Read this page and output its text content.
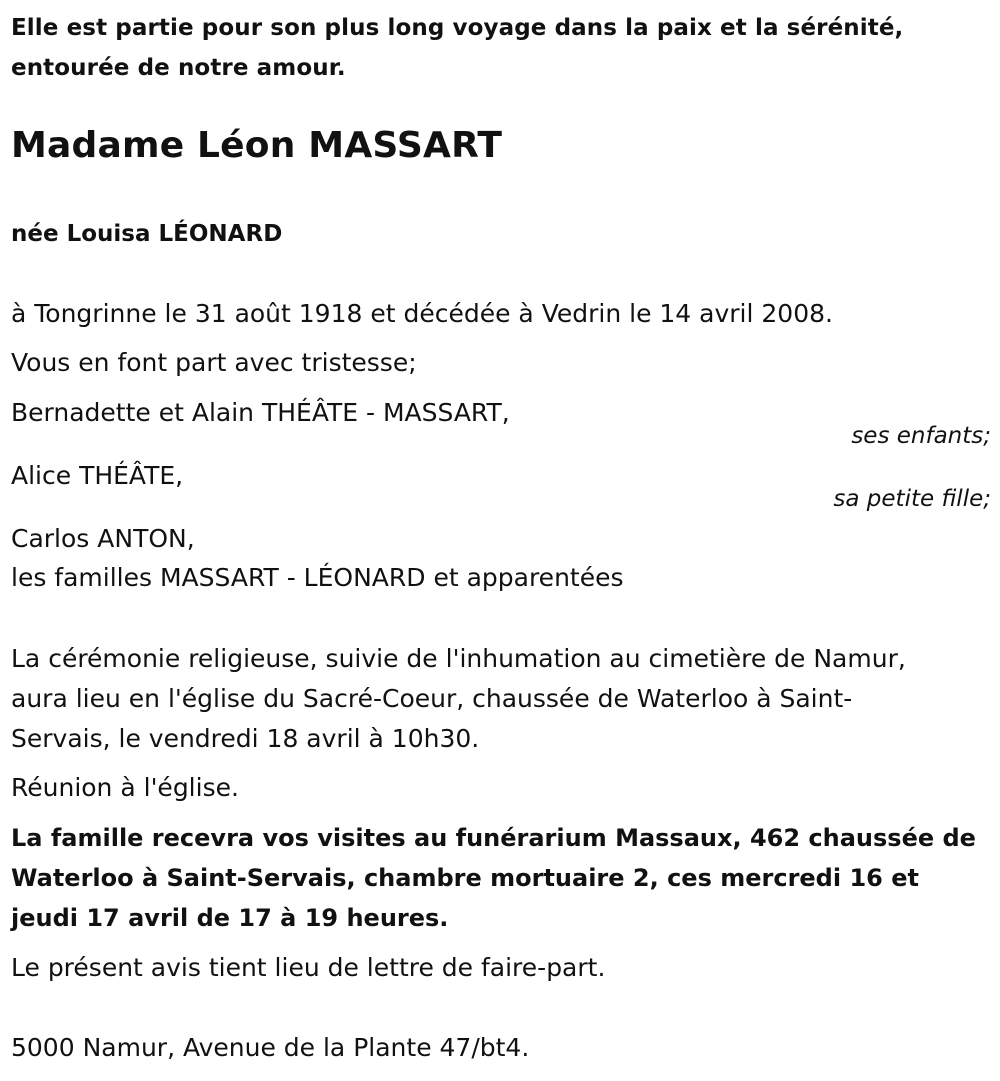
Elle est partie pour son plus long voyage dans la paix et la sérénité,
entourée de notre amour.
Madame Léon MASSART
née Louisa LÉONARD
à Tongrinne le 31 août 1918 et décédée à Vedrin le 14 avril 2008.
Vous en font part avec tristesse;
Bernadette et Alain THÉÂTE - MASSART,
ses enfants;
Alice THÉÂTE,
sa petite fille;
Carlos ANTON,
les familles MASSART - LÉONARD et apparentées
La cérémonie religieuse, suivie de l'inhumation au cimetière de Namur,
aura lieu en l'église du Sacré-Coeur, chaussée de Waterloo à Saint-
Servais, le vendredi 18 avril à 10h30.
Réunion à l'église.
La famille recevra vos visites au funérarium Massaux, 462 chaussée de
Waterloo à Saint-Servais, chambre mortuaire 2, ces mercredi 16 et
jeudi 17 avril de 17 à 19 heures.
Le présent avis tient lieu de lettre de faire-part.
5000 Namur, Avenue de la Plante 47/bt4.
